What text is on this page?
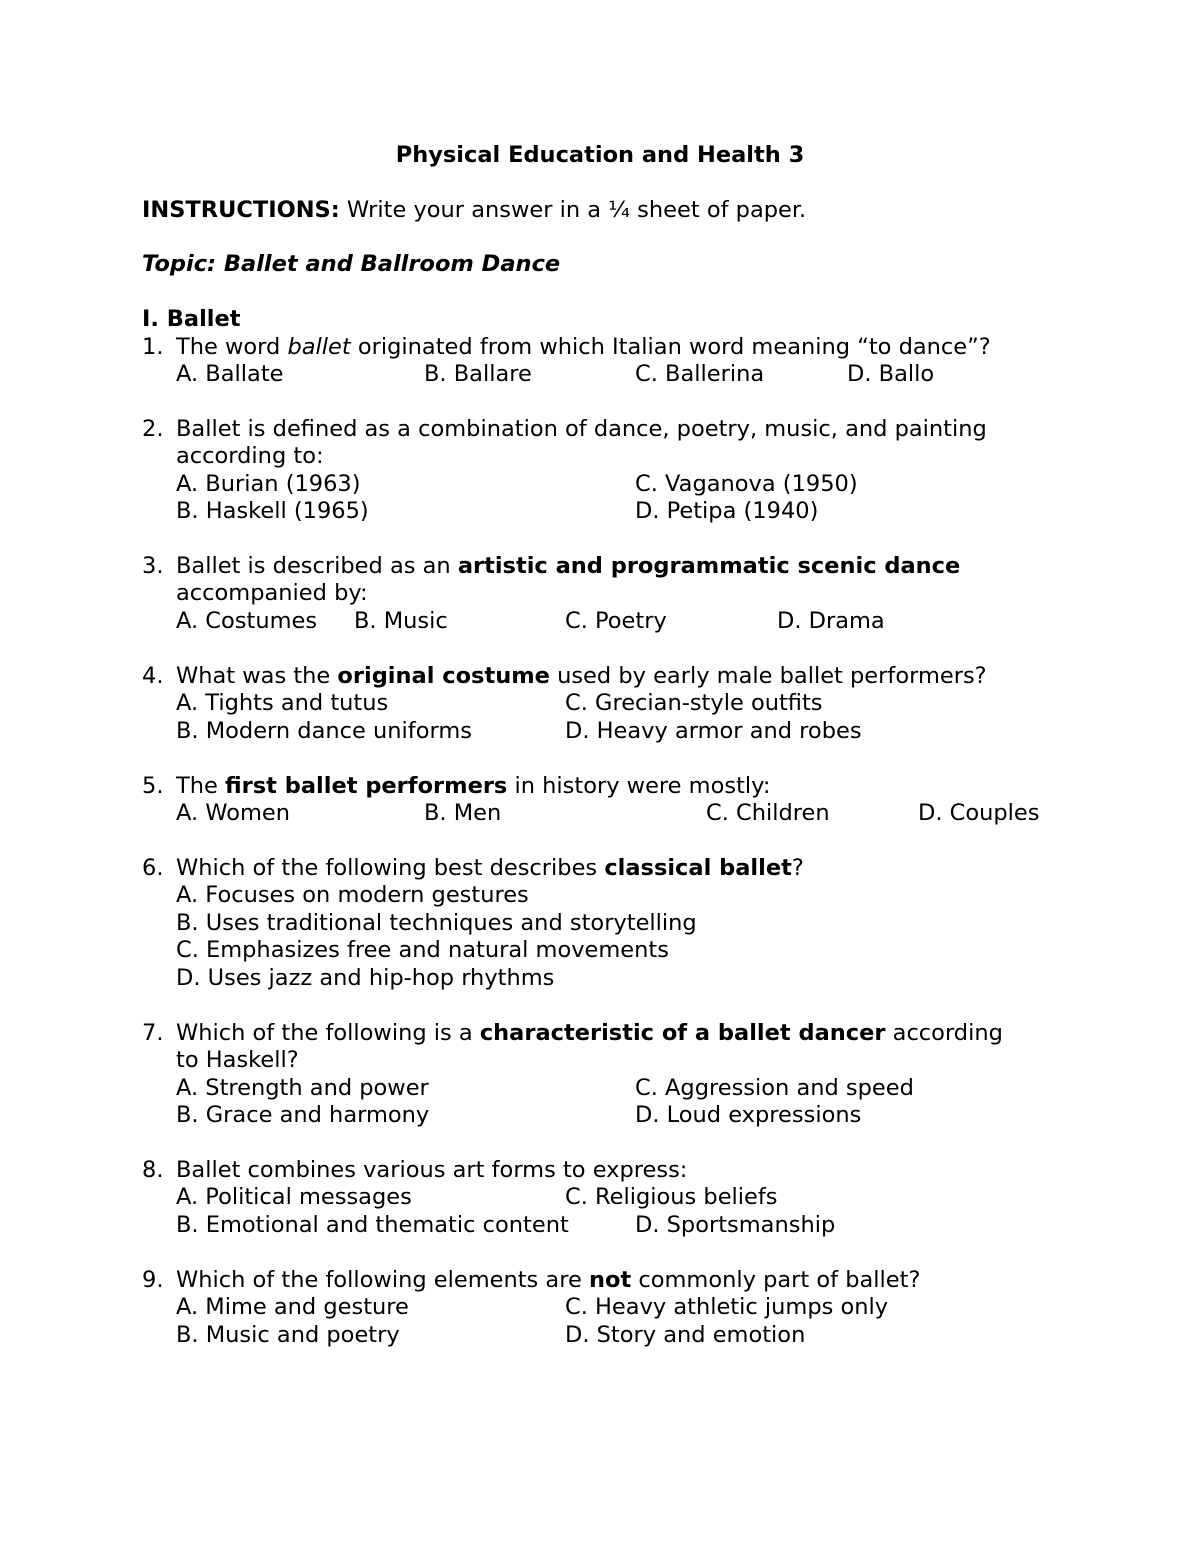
Physical Education and Health 3
INSTRUCTIONS: Write your answer in a ¼ sheet of paper.
Topic: Ballet and Ballroom Dance
I. Ballet
1. The word ballet originated from which Italian word meaning “to dance”?
A. Ballate	B. Ballare	C. Ballerina	D. Ballo
2. Ballet is defined as a combination of dance, poetry, music, and painting
according to:
A. Burian (1963)	C. Vaganova (1950)
B. Haskell (1965)	D. Petipa (1940)
3. Ballet is described as an artistic and programmatic scenic dance
accompanied by:
A. Costumes B. Music	C. Poetry	D. Drama
4. What was the original costume used by early male ballet performers?
A. Tights and tutus	C. Grecian-style outfits
B. Modern dance uniforms	D. Heavy armor and robes
5. The first ballet performers in history were mostly:
A. Women	B. Men	C. Children	D. Couples
6. Which of the following best describes classical ballet?
A. Focuses on modern gestures
B. Uses traditional techniques and storytelling
C. Emphasizes free and natural movements
D. Uses jazz and hip-hop rhythms
7. Which of the following is a characteristic of a ballet dancer according
to Haskell?
A. Strength and power	C. Aggression and speed
B. Grace and harmony	D. Loud expressions
8. Ballet combines various art forms to express:
A. Political messages	C. Religious beliefs
B. Emotional and thematic content	D. Sportsmanship
9. Which of the following elements are not commonly part of ballet?
A. Mime and gesture	C. Heavy athletic jumps only
B. Music and poetry	D. Story and emotion
